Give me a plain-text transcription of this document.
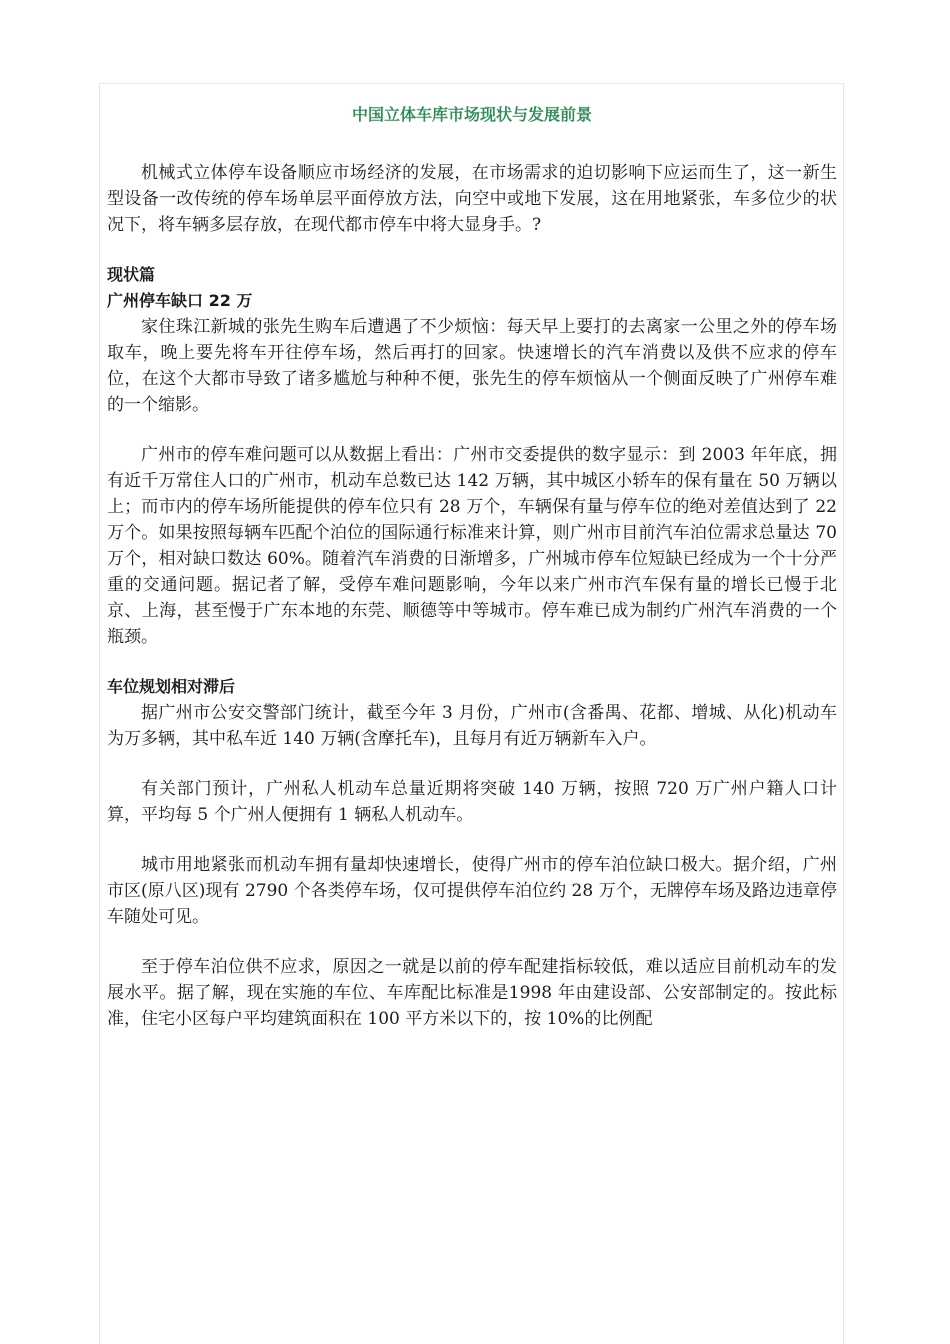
中国立体车库市场现状与发展前景

机械式立体停车设备顺应市场经济的发展，在市场需求的迫切影响下应运而生了，这一新生型设备一改传统的停车场单层平面停放方法，向空中或地下发展，这在用地紧张，车多位少的状况下，将车辆多层存放，在现代都市停车中将大显身手。?

现状篇
广州停车缺口 22 万

家住珠江新城的张先生购车后遭遇了不少烦恼：每天早上要打的去离家一公里之外的停车场取车，晚上要先将车开往停车场，然后再打的回家。快速增长的汽车消费以及供不应求的停车位，在这个大都市导致了诸多尴尬与种种不便，张先生的停车烦恼从一个侧面反映了广州停车难的一个缩影。

广州市的停车难问题可以从数据上看出：广州市交委提供的数字显示：到 2003 年年底，拥有近千万常住人口的广州市，机动车总数已达 142 万辆，其中城区小轿车的保有量在 50 万辆以上；而市内的停车场所能提供的停车位只有 28 万个，车辆保有量与停车位的绝对差值达到了 22 万个。如果按照每辆车匹配个泊位的国际通行标准来计算，则广州市目前汽车泊位需求总量达 70 万个，相对缺口数达 60%。随着汽车消费的日渐增多，广州城市停车位短缺已经成为一个十分严重的交通问题。据记者了解，受停车难问题影响，今年以来广州市汽车保有量的增长已慢于北京、上海，甚至慢于广东本地的东莞、顺德等中等城市。停车难已成为制约广州汽车消费的一个瓶颈。

车位规划相对滞后

据广州市公安交警部门统计，截至今年 3 月份，广州市(含番禺、花都、增城、从化)机动车为万多辆，其中私车近 140 万辆(含摩托车)，且每月有近万辆新车入户。

有关部门预计，广州私人机动车总量近期将突破 140 万辆，按照 720 万广州户籍人口计算，平均每 5 个广州人便拥有 1 辆私人机动车。

城市用地紧张而机动车拥有量却快速增长，使得广州市的停车泊位缺口极大。据介绍，广州市区(原八区)现有 2790 个各类停车场，仅可提供停车泊位约 28 万个，无牌停车场及路边违章停车随处可见。

至于停车泊位供不应求，原因之一就是以前的停车配建指标较低，难以适应目前机动车的发展水平。据了解，现在实施的车位、车库配比标准是1998 年由建设部、公安部制定的。按此标准，住宅小区每户平均建筑面积在 100 平方米以下的，按 10%的比例配
